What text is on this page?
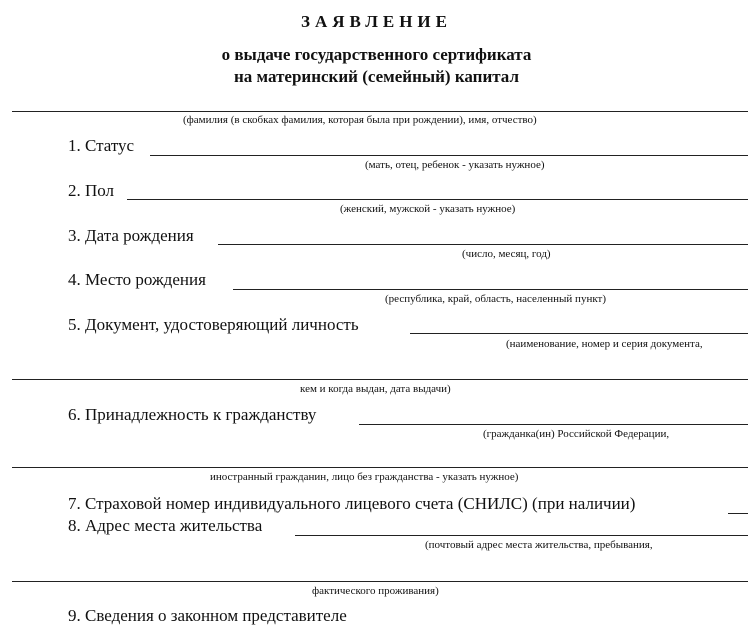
ЗАЯВЛЕНИЕ
о выдаче государственного сертификата
на материнский (семейный) капитал
(фамилия (в скобках фамилия, которая была при рождении), имя, отчество)
1. Статус
(мать, отец, ребенок - указать нужное)
2. Пол
(женский, мужской - указать нужное)
3. Дата рождения
(число, месяц, год)
4. Место рождения
(республика, край, область, населенный пункт)
5. Документ, удостоверяющий личность
(наименование, номер и серия документа,
кем и когда выдан, дата выдачи)
6. Принадлежность к гражданству
(гражданка(ин) Российской Федерации,
иностранный гражданин, лицо без гражданства - указать нужное)
7. Страховой номер индивидуального лицевого счета (СНИЛС) (при наличии)
8. Адрес места жительства
(почтовый адрес места жительства, пребывания,
фактического проживания)
9. Сведения о законном представителе
